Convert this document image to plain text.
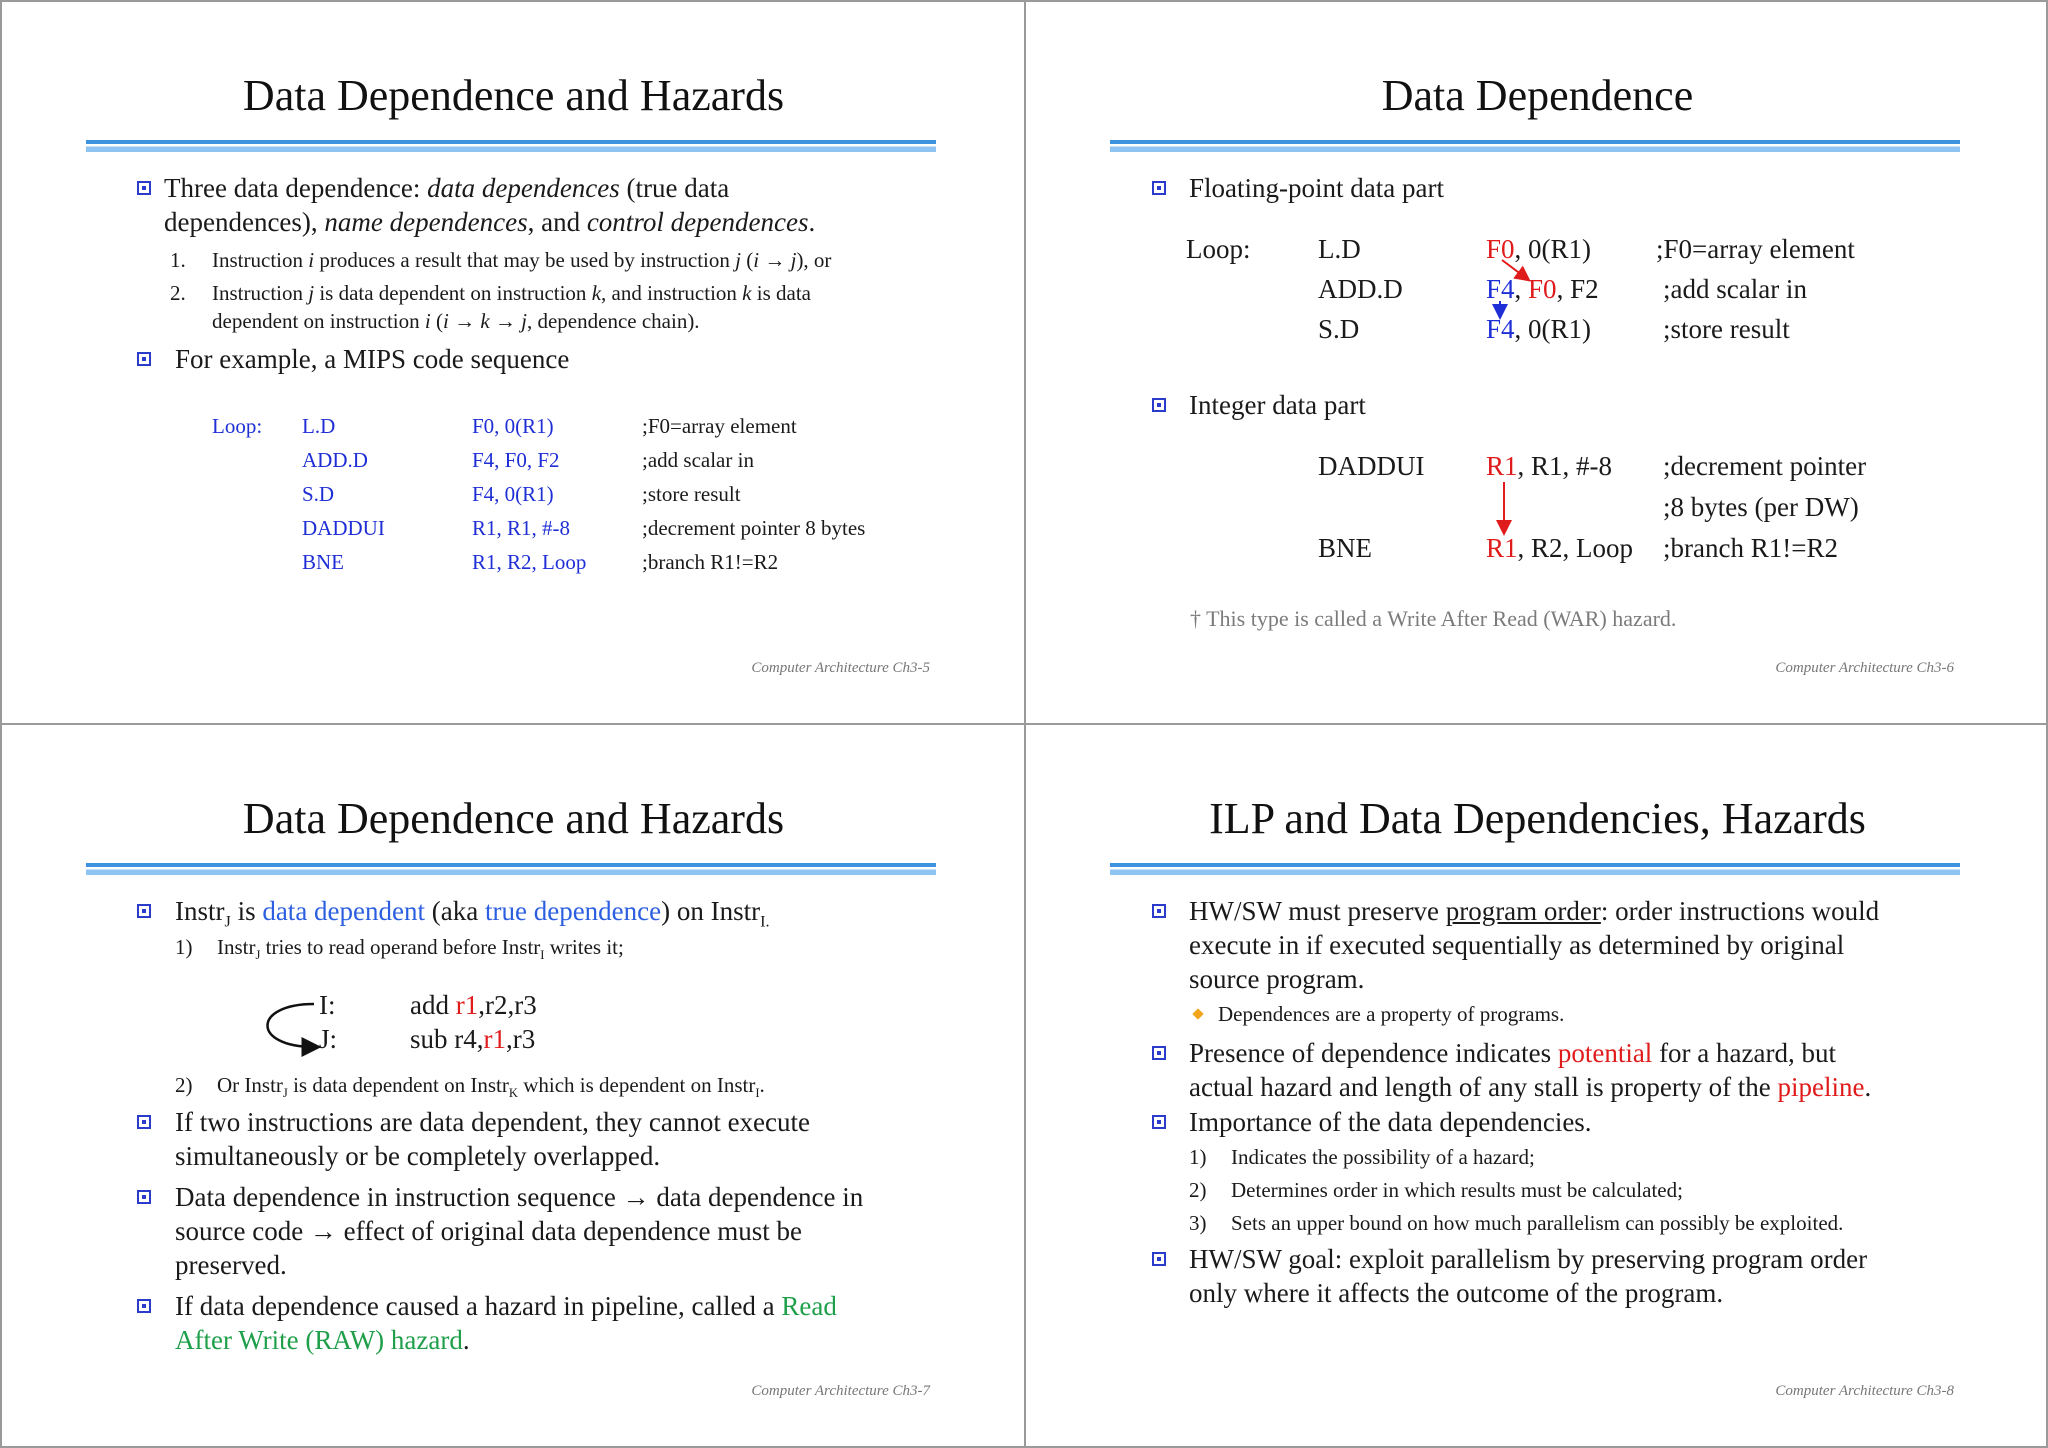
Data Dependence and Hazards
Three data dependence: data dependences (true data
dependences), name dependences, and control dependences.
1. Instruction i produces a result that may be used by instruction j (i → j), or
2. Instruction j is data dependent on instruction k, and instruction k is data
dependent on instruction i (i → k → j, dependence chain).
For example, a MIPS code sequence
Loop: L.D	F0, 0(R1)	;F0=array element
ADD.D	F4, F0, F2	;add scalar in
S.D	F4, 0(R1)	;store result
DADDUI	R1, R1, #-8	;decrement pointer 8 bytes
BNE	R1, R2, Loop	;branch R1!=R2
Computer Architecture Ch3-5
Data Dependence
Floating-point data part
Loop:	L.D	F0, 0(R1) ;F0=array element
ADD.D	F4, F0, F2 ;add scalar in
S.D	F4, 0(R1)	;store result
Integer data part
DADDUI R1, R1, #-8 ;decrement pointer
;8 bytes (per DW)
BNE	R1, R2, Loop ;branch R1!=R2
† This type is called a Write After Read (WAR) hazard.
Computer Architecture Ch3-6
Data Dependence and Hazards
Instr$_J$ is data dependent (aka true dependence) on Instr$_{I.}$
1) Instr$_J$ tries to read operand before Instr$_I$ writes it;
I:	add r1,r2,r3
J:	sub r4,r1,r3
2) Or Instr$_J$ is data dependent on Instr$_K$ which is dependent on Instr$_I$.
If two instructions are data dependent, they cannot execute
simultaneously or be completely overlapped.
Data dependence in instruction sequence → data dependence in
source code → effect of original data dependence must be
preserved.
If data dependence caused a hazard in pipeline, called a Read
After Write (RAW) hazard.
Computer Architecture Ch3-7
ILP and Data Dependencies, Hazards
HW/SW must preserve program order: order instructions would
execute in if executed sequentially as determined by original
source program.
Dependences are a property of programs.
Presence of dependence indicates potential for a hazard, but
actual hazard and length of any stall is property of the pipeline.
Importance of the data dependencies.
1) Indicates the possibility of a hazard;
2) Determines order in which results must be calculated;
3) Sets an upper bound on how much parallelism can possibly be exploited.
HW/SW goal: exploit parallelism by preserving program order
only where it affects the outcome of the program.
Computer Architecture Ch3-8
